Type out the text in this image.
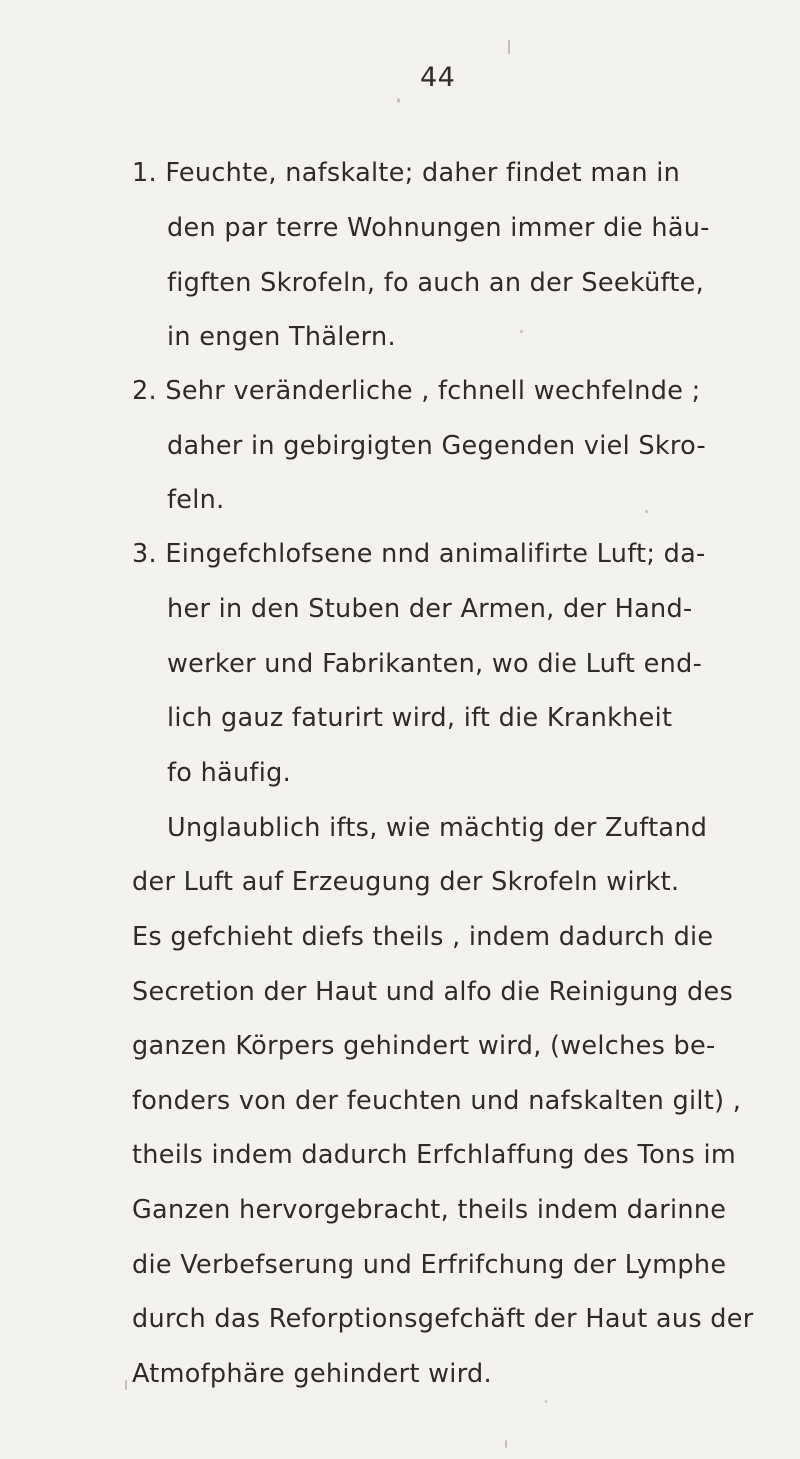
44
1. Feuchte, nafskalte; daher findet man in
den par terre Wohnungen immer die häu-
figften Skrofeln, fo auch an der Seeküfte,
in engen Thälern.
2. Sehr veränderliche , fchnell wechfelnde ;
daher in gebirgigten Gegenden viel Skro-
feln.
3. Eingefchlofsene nnd animalifirte Luft; da-
her in den Stuben der Armen, der Hand-
werker und Fabrikanten, wo die Luft end-
lich gauz faturirt wird, ift die Krankheit
fo häufig.
Unglaublich ifts, wie mächtig der Zuftand
der Luft auf Erzeugung der Skrofeln wirkt.
Es gefchieht diefs theils , indem dadurch die
Secretion der Haut und alfo die Reinigung des
ganzen Körpers gehindert wird, (welches be-
fonders von der feuchten und nafskalten gilt) ,
theils indem dadurch Erfchlaffung des Tons im
Ganzen hervorgebracht, theils indem darinne
die Verbefserung und Erfrifchung der Lymphe
durch das Reforptionsgefchäft der Haut aus der
Atmofphäre gehindert wird.
